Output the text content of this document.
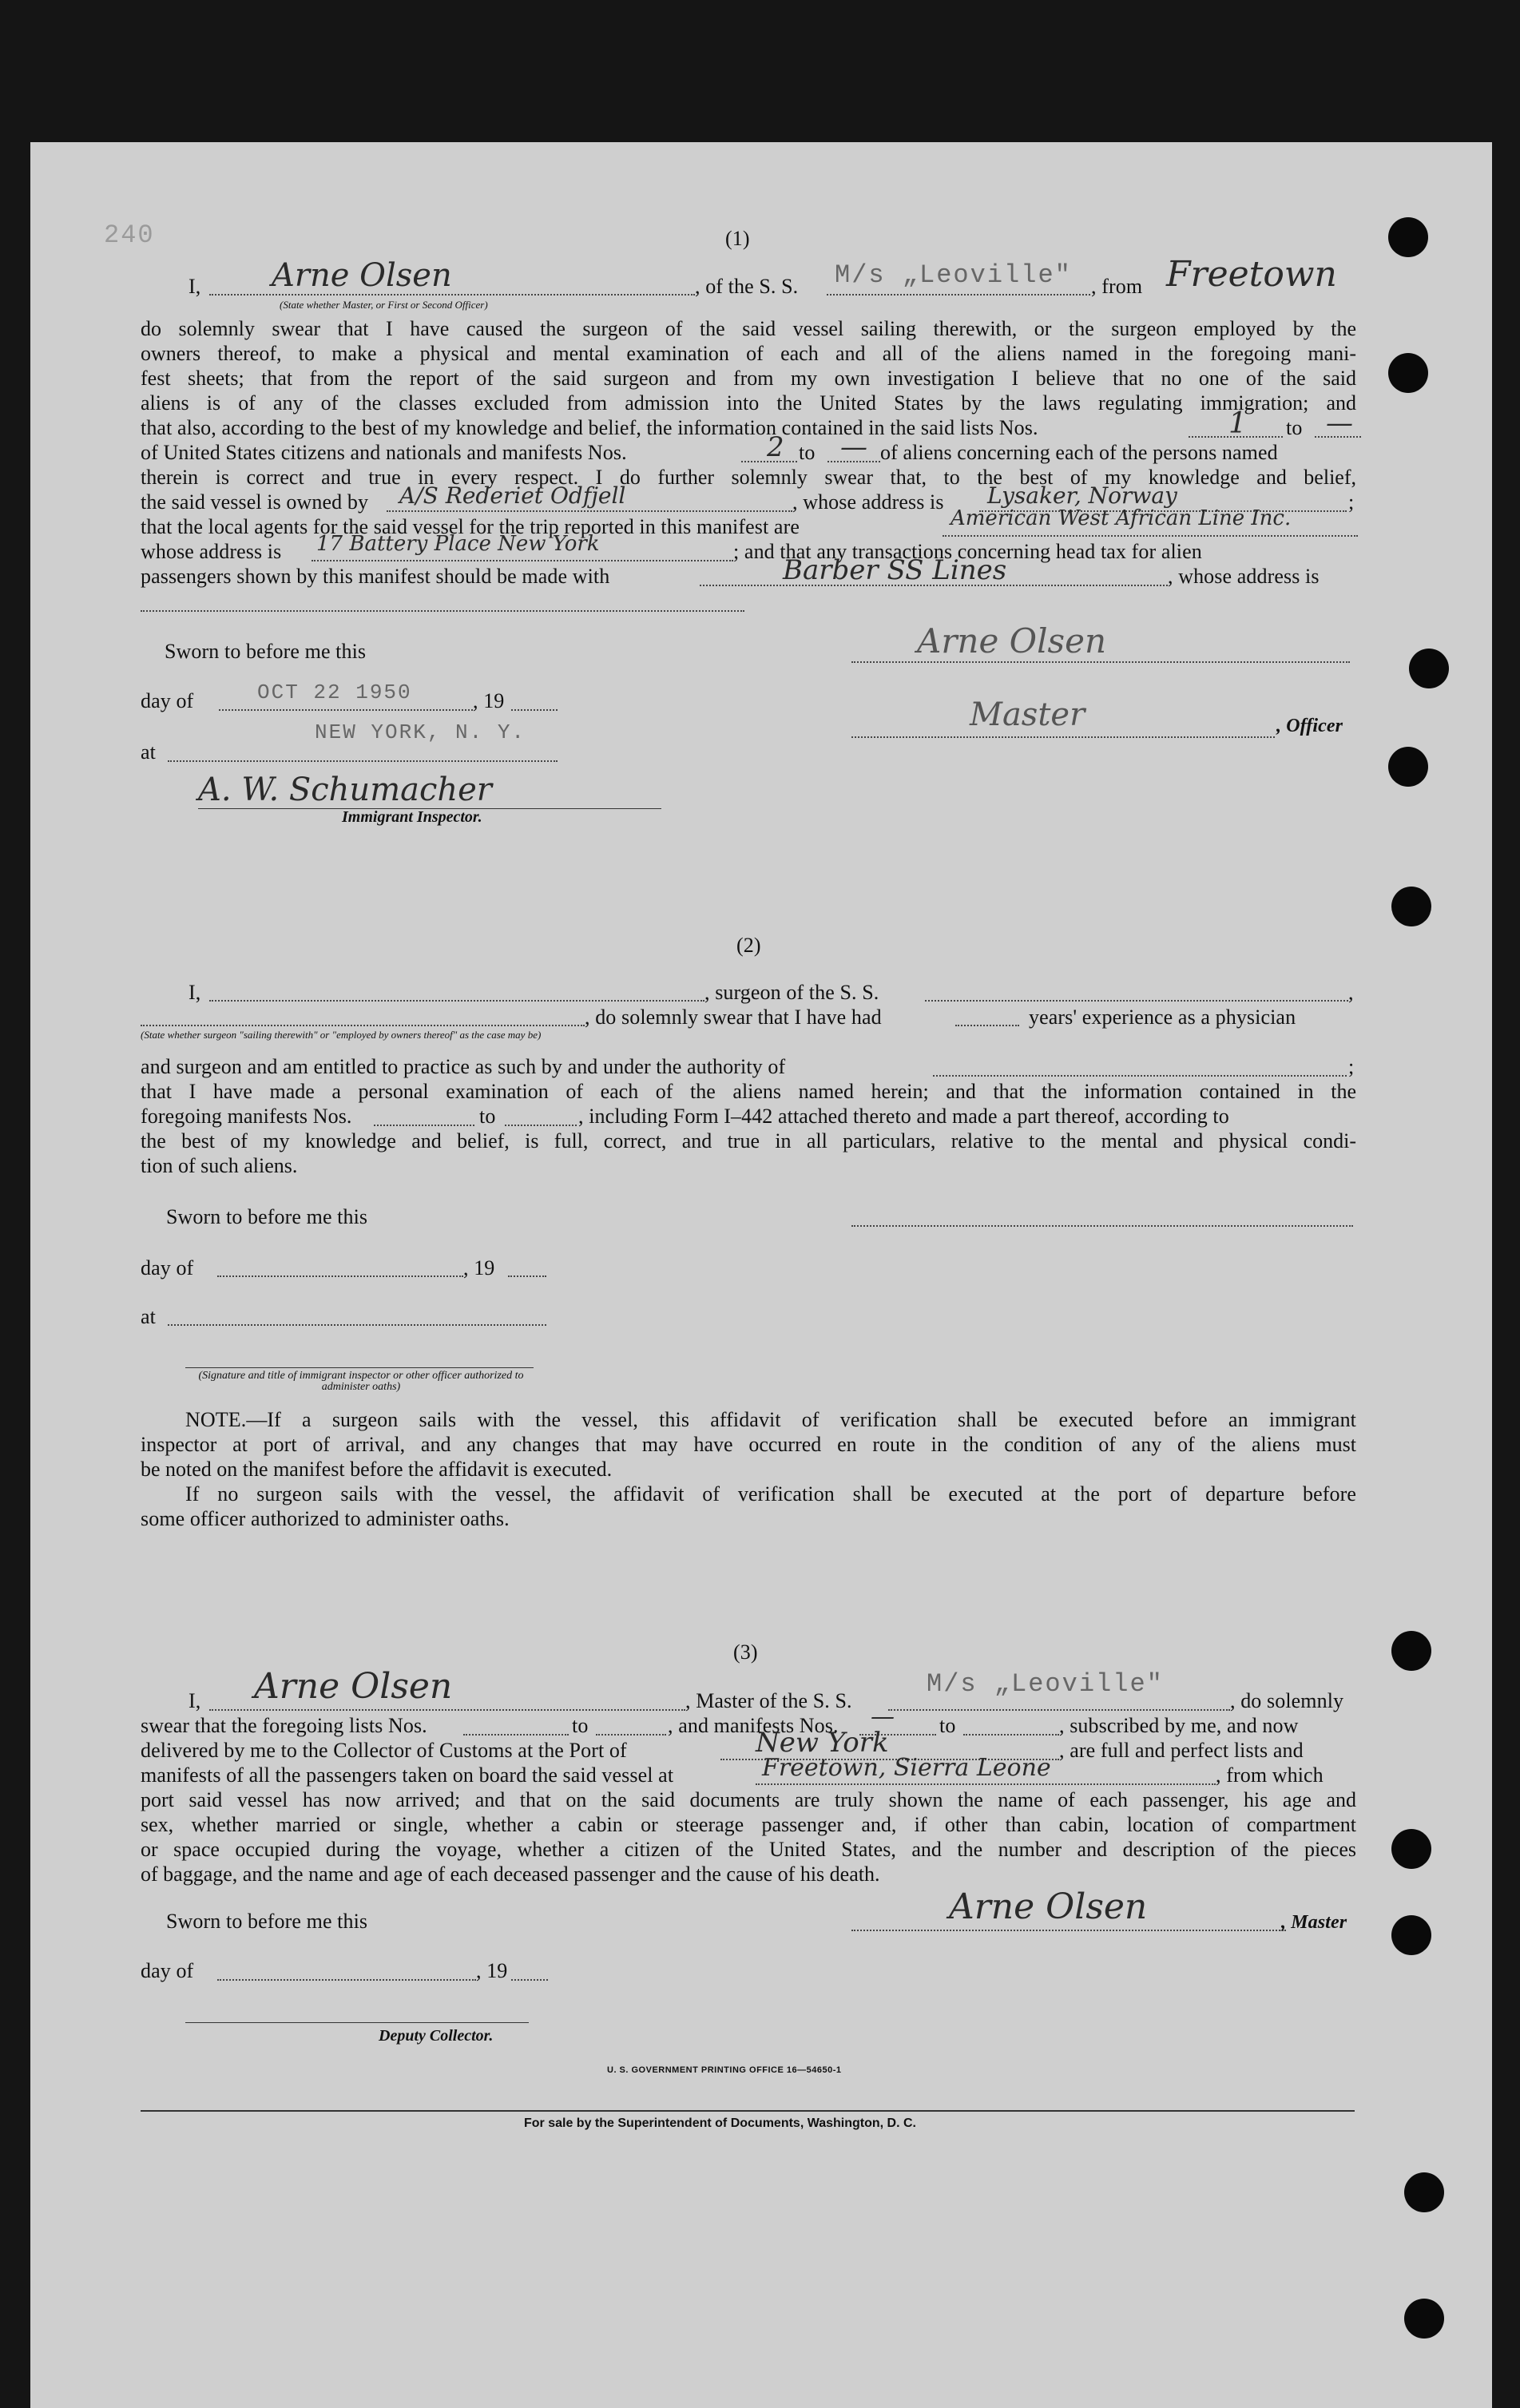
240	(1)
I, Arne Olsen
(State whether Master, or First or Second Officer)
, of the S. S. M/s „Leoville" , from Freetown
do solemnly swear that I have caused the surgeon of the said vessel sailing therewith, or the surgeon employed by the
owners thereof, to make a physical and mental examination of each and all of the aliens named in the foregoing mani-
fest sheets; that from the report of the said surgeon and from my own investigation I believe that no one of the said
aliens is of any of the classes excluded from admission into the United States by the laws regulating immigration; and
that also, according to the best of my knowledge and belief, the information contained in the said lists Nos.	1 to —
of United States citizens and nationals and manifests Nos.	2 to — of aliens concerning each of the persons named
therein is correct and true in every respect. I do further solemnly swear that, to the best of my knowledge and belief,
the said vessel is owned by A/S Rederiet Odfjell	, whose address is Lysaker, Norway	;
that the local agents for the said vessel for the trip reported in this manifest are	American West African Line Inc.
whose address is 17 Battery Place New York	; and that any transactions concerning head tax for alien
passengers shown by this manifest should be made with	Barber SS Lines	, whose address is
Sworn to before me this	Arne Olsen
day of	OCT 22 1950	, 19	Master	, Officer
NEW YORK, N. Y.
at
A. W. Schumacher
Immigrant Inspector.
(2)
I,	, surgeon of the S. S.	,
, do solemnly swear that I have had	years' experience as a physician
(State whether surgeon "sailing therewith" or "employed by owners thereof" as the case may be)
and surgeon and am entitled to practice as such by and under the authority of	;
that I have made a personal examination of each of the aliens named herein; and that the information contained in the
foregoing manifests Nos.	to	, including Form I–442 attached thereto and made a part thereof, according to
the best of my knowledge and belief, is full, correct, and true in all particulars, relative to the mental and physical condi-
tion of such aliens.
Sworn to before me this
day of	, 19
at
(Signature and title of immigrant inspector or other officer authorized to administer oaths)
NOTE.—If a surgeon sails with the vessel, this affidavit of verification shall be executed before an immigrant
inspector at port of arrival, and any changes that may have occurred en route in the condition of any of the aliens must
be noted on the manifest before the affidavit is executed.
If no surgeon sails with the vessel, the affidavit of verification shall be executed at the port of departure before
some officer authorized to administer oaths.
(3)
I, Arne Olsen	, Master of the S. S.
M/s „Leoville"
, do solemnly
swear that the foregoing lists Nos.	to	, and manifests Nos. — to	, subscribed by me, and now
delivered by me to the Collector of Customs at the Port of	New York	, are full and perfect lists and
manifests of all the passengers taken on board the said vessel at	Freetown, Sierra Leone	, from which
port said vessel has now arrived; and that on the said documents are truly shown the name of each passenger, his age and
sex, whether married or single, whether a cabin or steerage passenger and, if other than cabin, location of compartment
or space occupied during the voyage, whether a citizen of the United States, and the number and description of the pieces
of baggage, and the name and age of each deceased passenger and the cause of his death.
Sworn to before me this	Arne Olsen	, Master
day of	, 19
Deputy Collector.
U. S. GOVERNMENT PRINTING OFFICE 16—54650-1
For sale by the Superintendent of Documents, Washington, D. C.
